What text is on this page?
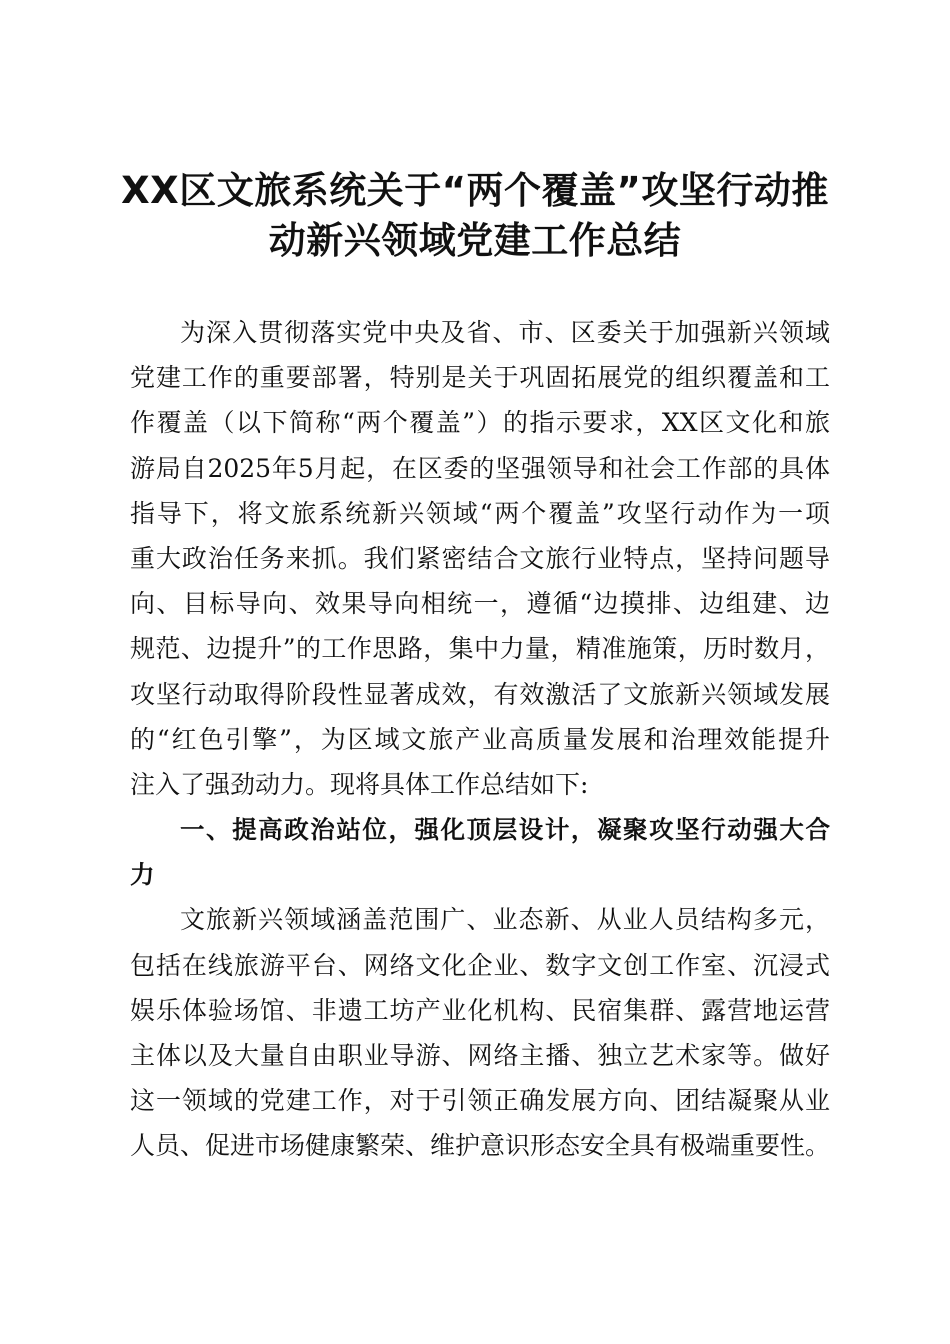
XX区文旅系统关于“两个覆盖”攻坚行动推
动新兴领域党建工作总结
为深入贯彻落实党中央及省、市、区委关于加强新兴领域
党建工作的重要部署，特别是关于巩固拓展党的组织覆盖和工
作覆盖（以下简称“两个覆盖”）的指示要求，XX区文化和旅
游局自2025年5月起，在区委的坚强领导和社会工作部的具体
指导下，将文旅系统新兴领域“两个覆盖”攻坚行动作为一项
重大政治任务来抓。我们紧密结合文旅行业特点，坚持问题导
向、目标导向、效果导向相统一，遵循“边摸排、边组建、边
规范、边提升”的工作思路，集中力量，精准施策，历时数月，
攻坚行动取得阶段性显著成效，有效激活了文旅新兴领域发展
的“红色引擎”，为区域文旅产业高质量发展和治理效能提升
注入了强劲动力。现将具体工作总结如下:
一、提高政治站位，强化顶层设计，凝聚攻坚行动强大合
力
文旅新兴领域涵盖范围广、业态新、从业人员结构多元，
包括在线旅游平台、网络文化企业、数字文创工作室、沉浸式
娱乐体验场馆、非遗工坊产业化机构、民宿集群、露营地运营
主体以及大量自由职业导游、网络主播、独立艺术家等。做好
这一领域的党建工作，对于引领正确发展方向、团结凝聚从业
人员、促进市场健康繁荣、维护意识形态安全具有极端重要性。
